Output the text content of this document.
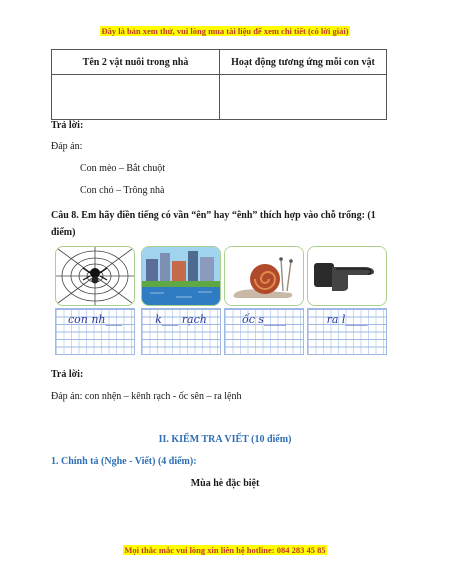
Đây là bản xem thử, vui lòng mua tài liệu để xem chi tiết (có lời giải)
Tên 2 vật nuôi trong nhà	Hoạt động tương ứng mỗi con vật

Trả lời:
Đáp án:
Con mèo – Bắt chuột
Con chó – Trông nhà
Câu 8. Em hãy điền tiếng có vần “ên” hay “ênh” thích hợp vào chỗ trống: (1 điểm)
con nh___	k___ rạch	ốc s____	ra l____
Trả lời:
Đáp án: con nhện – kênh rạch - ốc sên – ra lệnh
II. KIỂM TRA VIẾT (10 điểm)
1. Chính tả (Nghe - Viết) (4 điểm):
Mùa hè đặc biệt
Mọi thắc mắc vui lòng xin liên hệ hotline: 084 283 45 85
